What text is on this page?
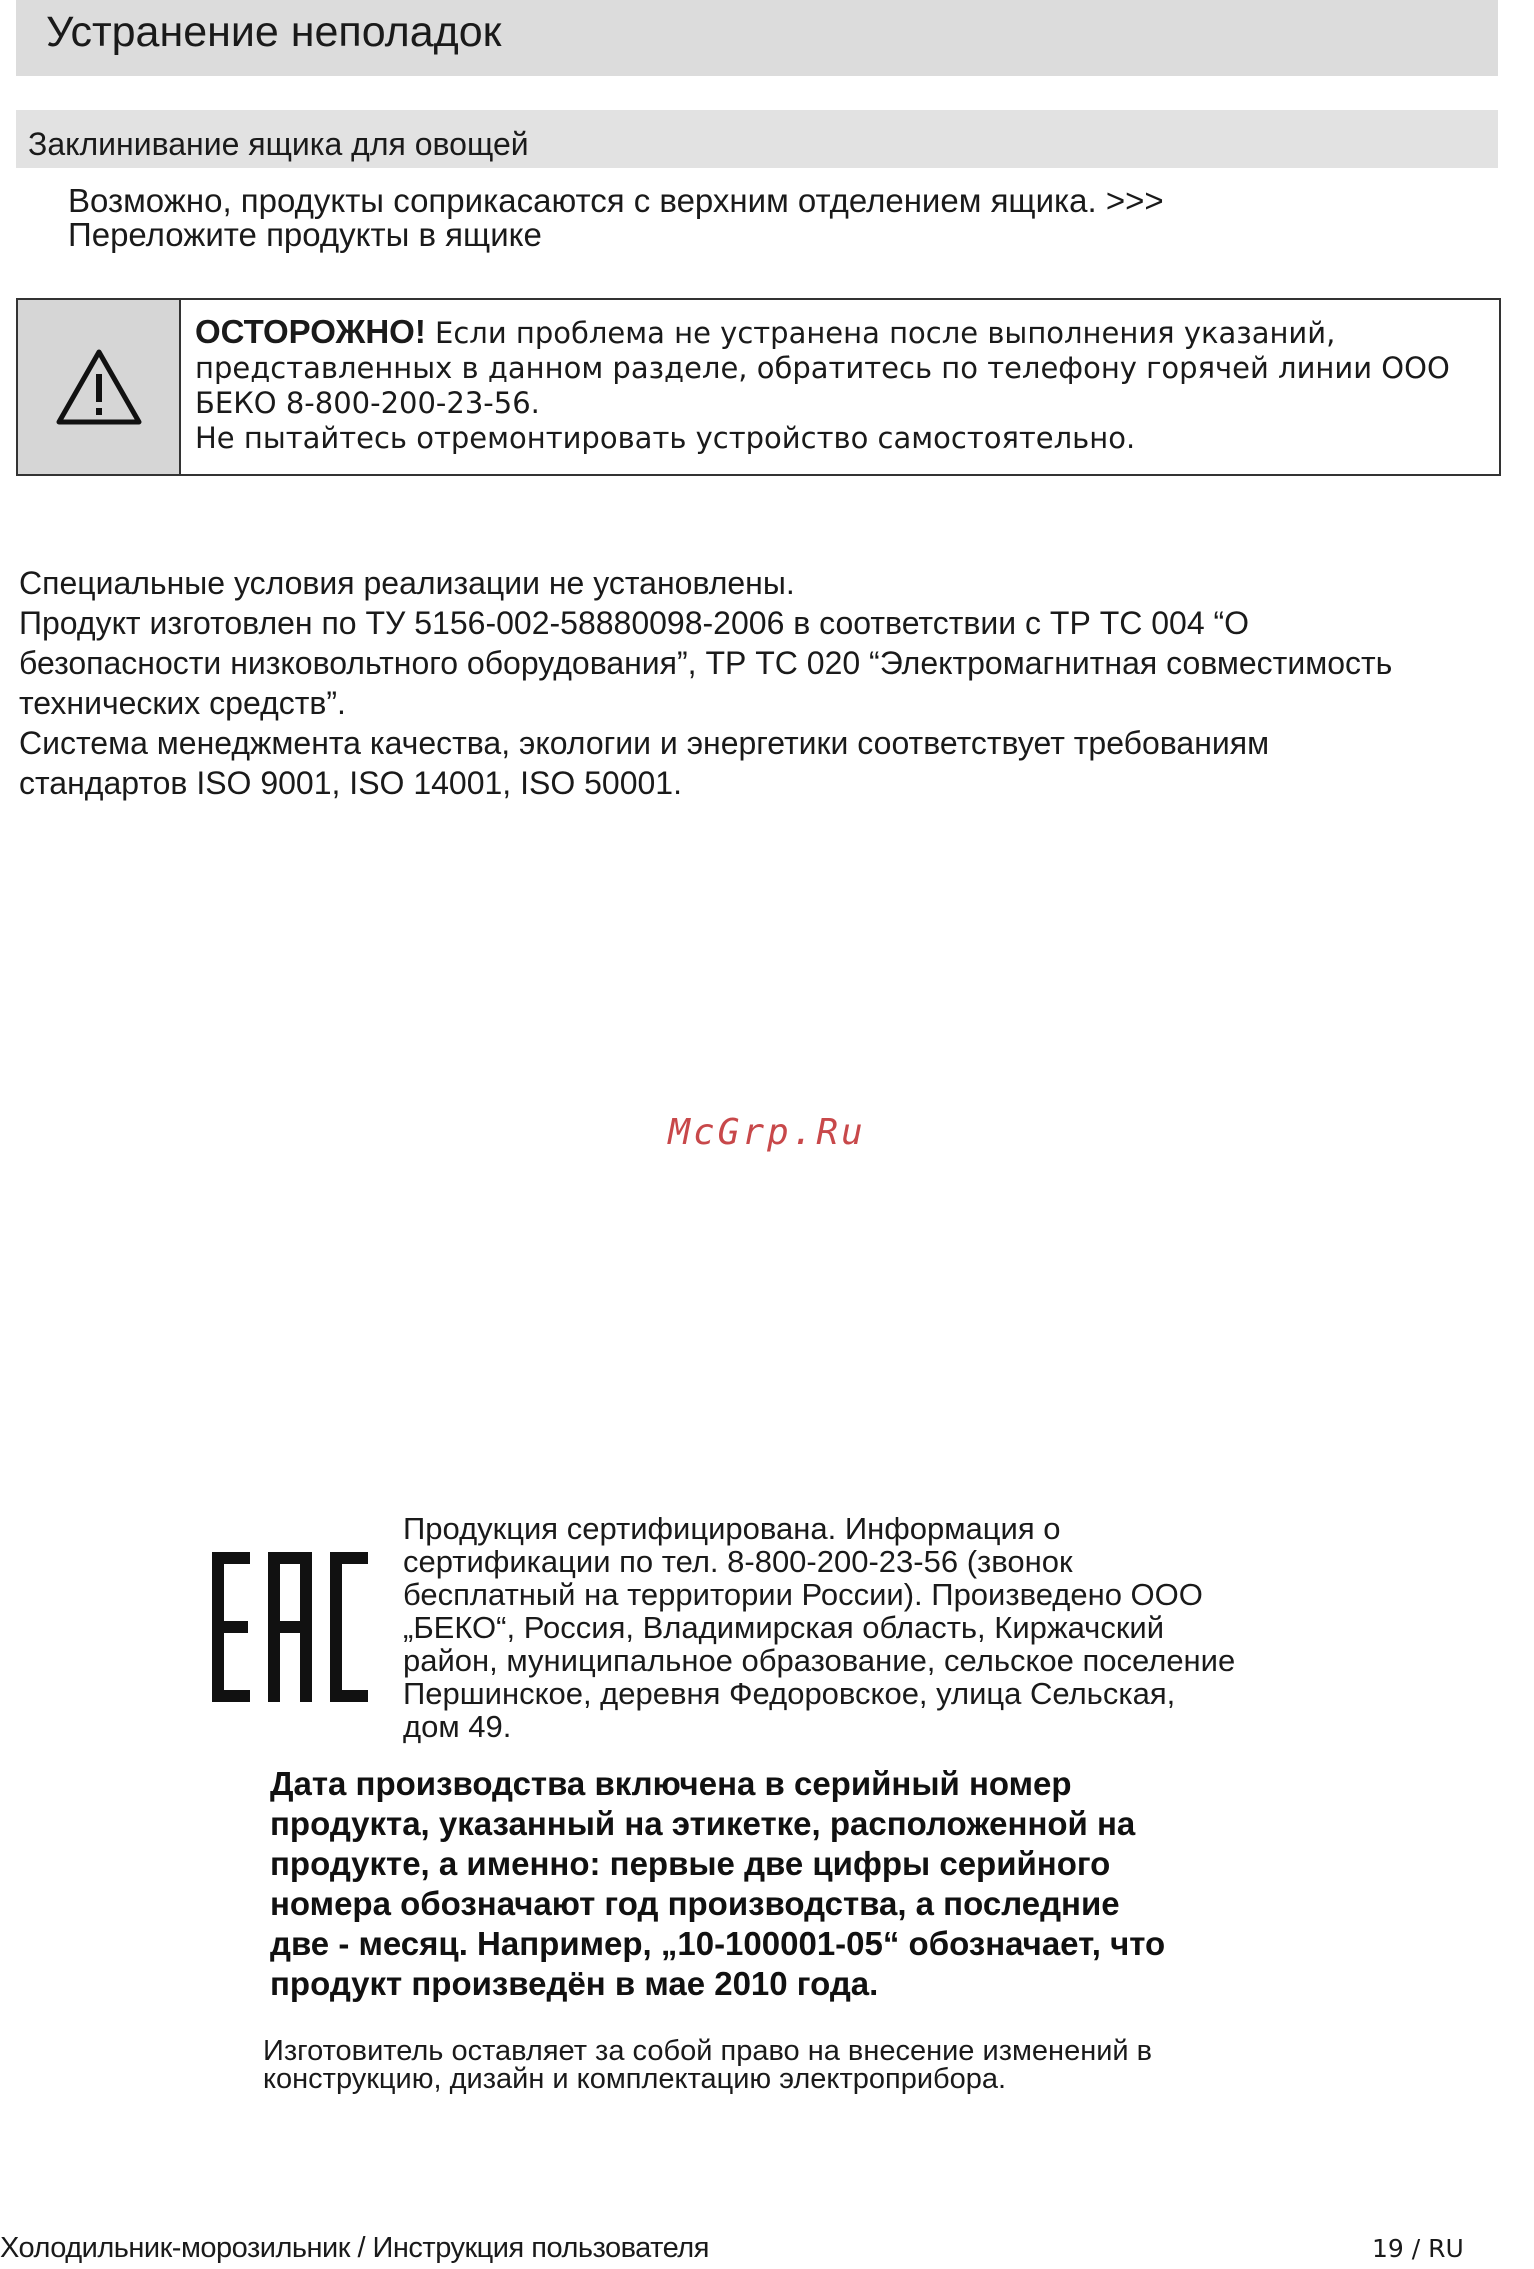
Устранение неполадок
Заклинивание ящика для овощей
Возможно, продукты соприкасаются с верхним отделением ящика. >>>
Переложите продукты в ящике
ОСТОРОЖНО! Если проблема не устранена после выполнения указаний,
представленных в данном разделе, обратитесь по телефону горячей линии ООО
БЕКО 8-800-200-23-56.
Не пытайтесь отремонтировать устройство самостоятельно.
Специальные условия реализации не установлены.
Продукт изготовлен по ТУ 5156-002-58880098-2006 в соответствии с ТР ТС 004 “О
безопасности низковольтного оборудования”, ТР ТС 020 “Электромагнитная совместимость
технических средств”.
Система менеджмента качества, экологии и энергетики соответствует требованиям
стандартов ISO 9001, ISO 14001, ISO 50001.
McGrp.Ru
Продукция сертифицирована. Информация о
сертификации по тел. 8-800-200-23-56 (звонок
бесплатный на территории России). Произведено ООО
„БЕКО“, Россия, Владимирская область, Киржачский
район, муниципальное образование, сельское поселение
Першинское, деревня Федоровское, улица Сельская,
дом 49.
Дата производства включена в серийный номер
продукта, указанный на этикетке, расположенной на
продукте, а именно: первые две цифры серийного
номера обозначают год производства, а последние
две - месяц. Например, „10-100001-05“ обозначает, что
продукт произведён в мае 2010 года.
Изготовитель оставляет за собой право на внесение изменений в
конструкцию, дизайн и комплектацию электроприбора.
Холодильник-морозильник / Инструкция пользователя	19 / RU
